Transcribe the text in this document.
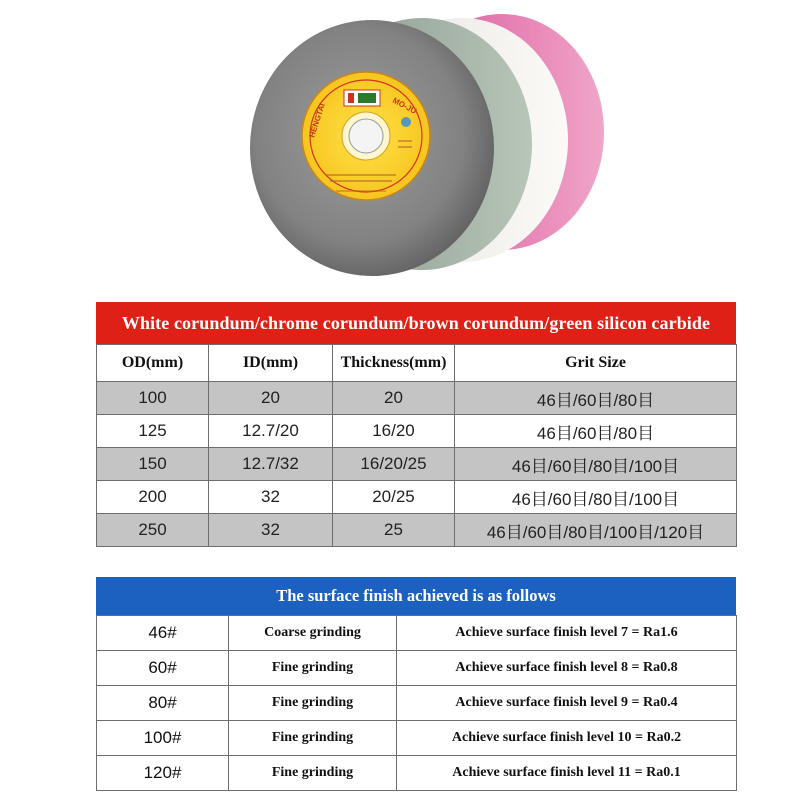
HENGTAI	MO-JU
White corundum/chrome corundum/brown corundum/green silicon carbide
OD(mm)	ID(mm)	Thickness(mm)	Grit Size
100	20	20	46目/60目/80目
125	12.7/20	16/20	46目/60目/80目
150	12.7/32	16/20/25	46目/60目/80目/100目
200	32	20/25	46目/60目/80目/100目
250	32	25	46目/60目/80目/100目/120目
The surface finish achieved is as follows
46#	Coarse grinding	Achieve surface finish level 7 = Ra1.6
60#	Fine grinding	Achieve surface finish level 8 = Ra0.8
80#	Fine grinding	Achieve surface finish level 9 = Ra0.4
100#	Fine grinding	Achieve surface finish level 10 = Ra0.2
120#	Fine grinding	Achieve surface finish level 11 = Ra0.1
